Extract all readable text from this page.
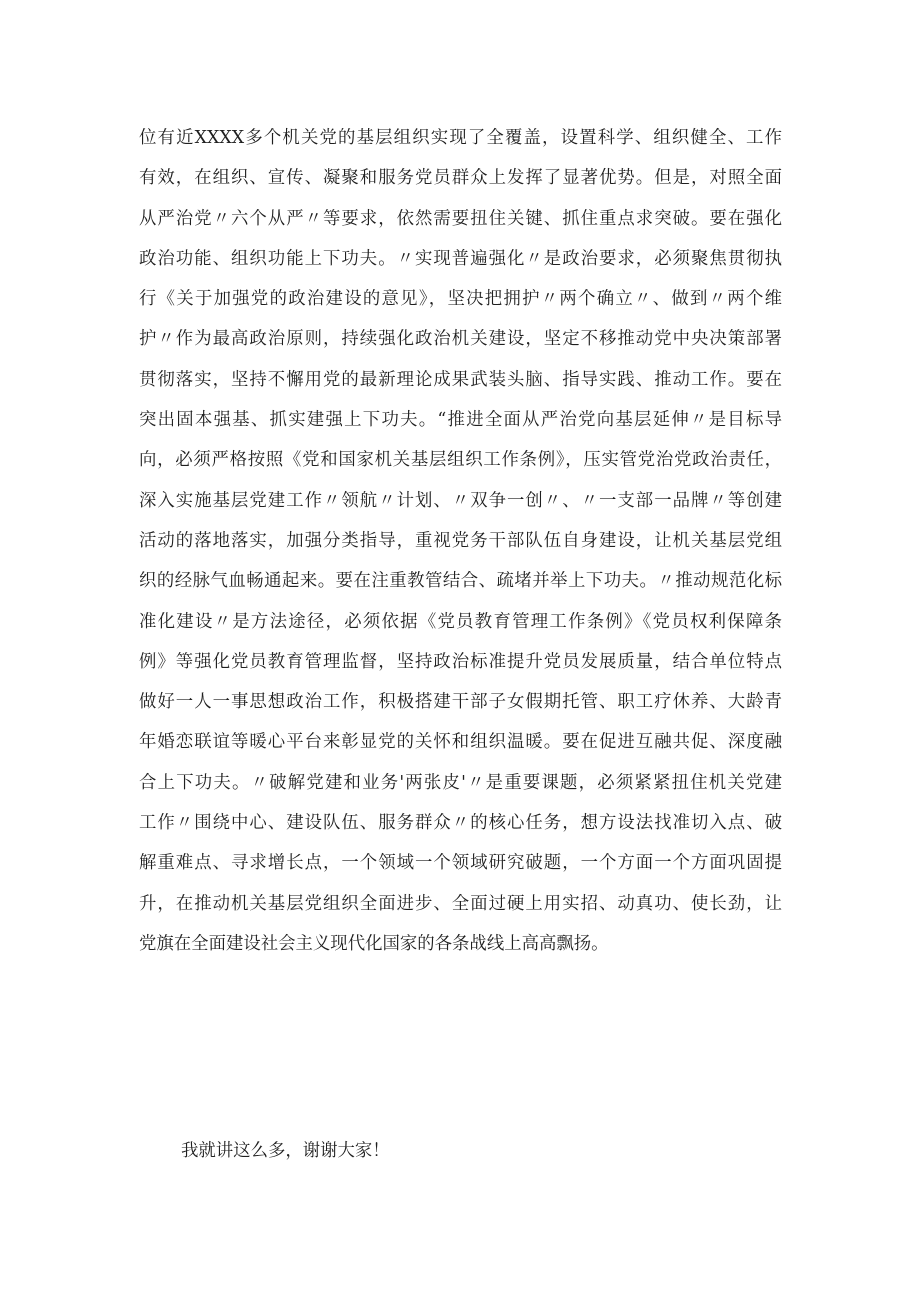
位有近XXXX多个机关党的基层组织实现了全覆盖，设置科学、组织健全、工作
有效，在组织、宣传、凝聚和服务党员群众上发挥了显著优势。但是，对照全面
从严治党〃六个从严〃等要求，依然需要扭住关键、抓住重点求突破。要在强化
政治功能、组织功能上下功夫。〃实现普遍强化〃是政治要求，必须聚焦贯彻执
行《关于加强党的政治建设的意见》，坚决把拥护〃两个确立〃、做到〃两个维
护〃作为最高政治原则，持续强化政治机关建设，坚定不移推动党中央决策部署
贯彻落实，坚持不懈用党的最新理论成果武装头脑、指导实践、推动工作。要在
突出固本强基、抓实建强上下功夫。“推进全面从严治党向基层延伸〃是目标导
向，必须严格按照《党和国家机关基层组织工作条例》，压实管党治党政治责任，
深入实施基层党建工作〃领航〃计划、〃双争一创〃、〃一支部一品牌〃等创建
活动的落地落实，加强分类指导，重视党务干部队伍自身建设，让机关基层党组
织的经脉气血畅通起来。要在注重教管结合、疏堵并举上下功夫。〃推动规范化标
准化建设〃是方法途径，必须依据《党员教育管理工作条例》《党员权利保障条
例》等强化党员教育管理监督，坚持政治标准提升党员发展质量，结合单位特点
做好一人一事思想政治工作，积极搭建干部子女假期托管、职工疗休养、大龄青
年婚恋联谊等暖心平台来彰显党的关怀和组织温暖。要在促进互融共促、深度融
合上下功夫。〃破解党建和业务'两张皮'〃是重要课题，必须紧紧扭住机关党建
工作〃围绕中心、建设队伍、服务群众〃的核心任务，想方设法找准切入点、破
解重难点、寻求增长点，一个领域一个领域研究破题，一个方面一个方面巩固提
升，在推动机关基层党组织全面进步、全面过硬上用实招、动真功、使长劲，让
党旗在全面建设社会主义现代化国家的各条战线上高高飘扬。
我就讲这么多，谢谢大家！
